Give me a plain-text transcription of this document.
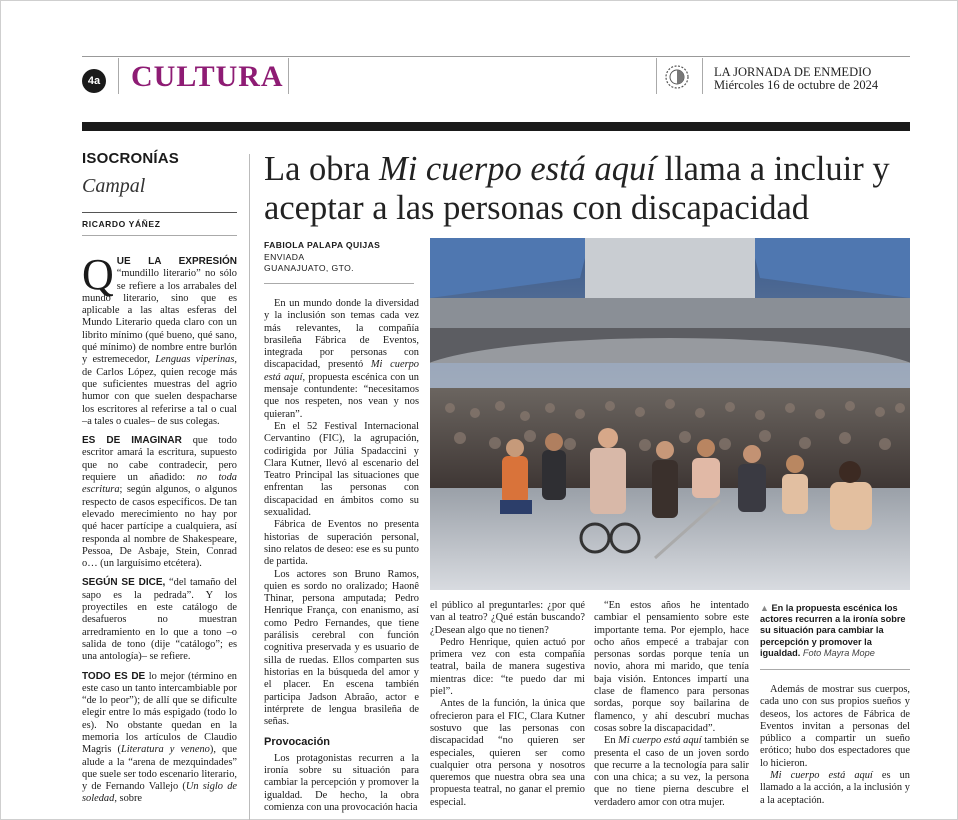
4a CULTURA	LA JORNADA DE ENMEDIO
Miércoles 16 de octubre de 2024
ISOCRONÍAS
Campal
RICARDO YÁÑEZ

QUE LA EXPRESIÓN “mundillo literario” no sólo se refiere a los arrabales del mundo literario, sino que es aplicable a las altas esferas del Mundo Literario queda claro con un librito mínimo (qué bueno, qué sano, qué mínimo) de nombre entre burlón y estremecedor, Lenguas viperinas, de Carlos López, quien recoge más que suficientes muestras del agrio humor con que suelen despacharse los escritores al referirse a tal o cual –a tales o cuales– de sus colegas.

ES DE IMAGINAR que todo escritor amará la escritura, supuesto que no cabe contradecir, pero requiere un añadido: no toda escritura; según algunos, o algunos respecto de casos específicos. De tan elevado merecimiento no hay por qué hacer partícipe a cualquiera, así responda al nombre de Shakespeare, Pessoa, De Asbaje, Stein, Conrad o… (un larguísimo etcétera).

SEGÚN SE DICE, “del tamaño del sapo es la pedrada”. Y los proyectiles en este catálogo de desafueros no muestran arredramiento en lo que a tono –o salida de tono (dije “catálogo”; es una antología)– se refiere.

TODO ES DE lo mejor (término en este caso un tanto intercambiable por “de lo peor”); de allí que se dificulte elegir entre lo más espigado (todo lo es). No obstante quedan en la memoria los artículos de Claudio Magris (Literatura y veneno), que alude a la “arena de mezquindades” que suele ser todo escenario literario, y de Fernando Vallejo (Un siglo de soledad, sobre

La obra Mi cuerpo está aquí llama a incluir y aceptar a las personas con discapacidad
FABIOLA PALAPA QUIJAS
ENVIADA
GUANAJUATO, GTO.

En un mundo donde la diversidad y la inclusión son temas cada vez más relevantes, la compañía brasileña Fábrica de Eventos, integrada por personas con discapacidad, presentó Mi cuerpo está aquí, propuesta escénica con un mensaje contundente: “necesitamos que nos respeten, nos vean y nos quieran”.

En el 52 Festival Internacional Cervantino (FIC), la agrupación, codirigida por Júlia Spadaccini y Clara Kutner, llevó al escenario del Teatro Principal las situaciones que enfrentan las personas con discapacidad en ámbitos como su sexualidad.

Fábrica de Eventos no presenta historias de superación personal, sino relatos de deseo: ese es su punto de partida.

Los actores son Bruno Ramos, quien es sordo no oralizado; Haonê Thinar, persona amputada; Pedro Henrique França, con enanismo, así como Pedro Fernandes, que tiene parálisis cerebral con función cognitiva preservada y es usuario de silla de ruedas. Ellos comparten sus historias en la búsqueda del amor y el placer. En escena también participa Jadson Abraão, actor e intérprete de lengua brasileña de señas.

Provocación

Los protagonistas recurren a la ironía sobre su situación para cambiar la percepción y promover la igualdad. De hecho, la obra comienza con una provocación hacia

el público al preguntarles: ¿por qué van al teatro? ¿Qué están buscando? ¿Desean algo que no tienen?

Pedro Henrique, quien actuó por primera vez con esta compañía teatral, baila de manera sugestiva mientras dice: “te puedo dar mi piel”.

Antes de la función, la única que ofrecieron para el FIC, Clara Kutner sostuvo que las personas con discapacidad “no quieren ser especiales, quieren ser como cualquier otra persona y nosotros queremos que nuestra obra sea una propuesta teatral, no ganar el premio especial.

“En estos años he intentado cambiar el pensamiento sobre este importante tema. Por ejemplo, hace ocho años empecé a trabajar con personas sordas porque tenía un novio, ahora mi marido, que tenía baja visión. Entonces impartí una clase de flamenco para personas sordas, porque soy bailarina de flamenco, y ahí descubrí muchas cosas sobre la discapacidad”.

En Mi cuerpo está aquí también se presenta el caso de un joven sordo que recurre a la tecnología para salir con una chica; a su vez, la persona que no tiene pierna descubre el verdadero amor con otra mujer.

▲ En la propuesta escénica los actores recurren a la ironía sobre su situación para cambiar la percepción y promover la igualdad. Foto Mayra Mope

Además de mostrar sus cuerpos, cada uno con sus propios sueños y deseos, los actores de Fábrica de Eventos invitan a personas del público a compartir un sueño erótico; hubo dos espectadores que lo hicieron.

Mi cuerpo está aquí es un llamado a la acción, a la inclusión y a la aceptación.
